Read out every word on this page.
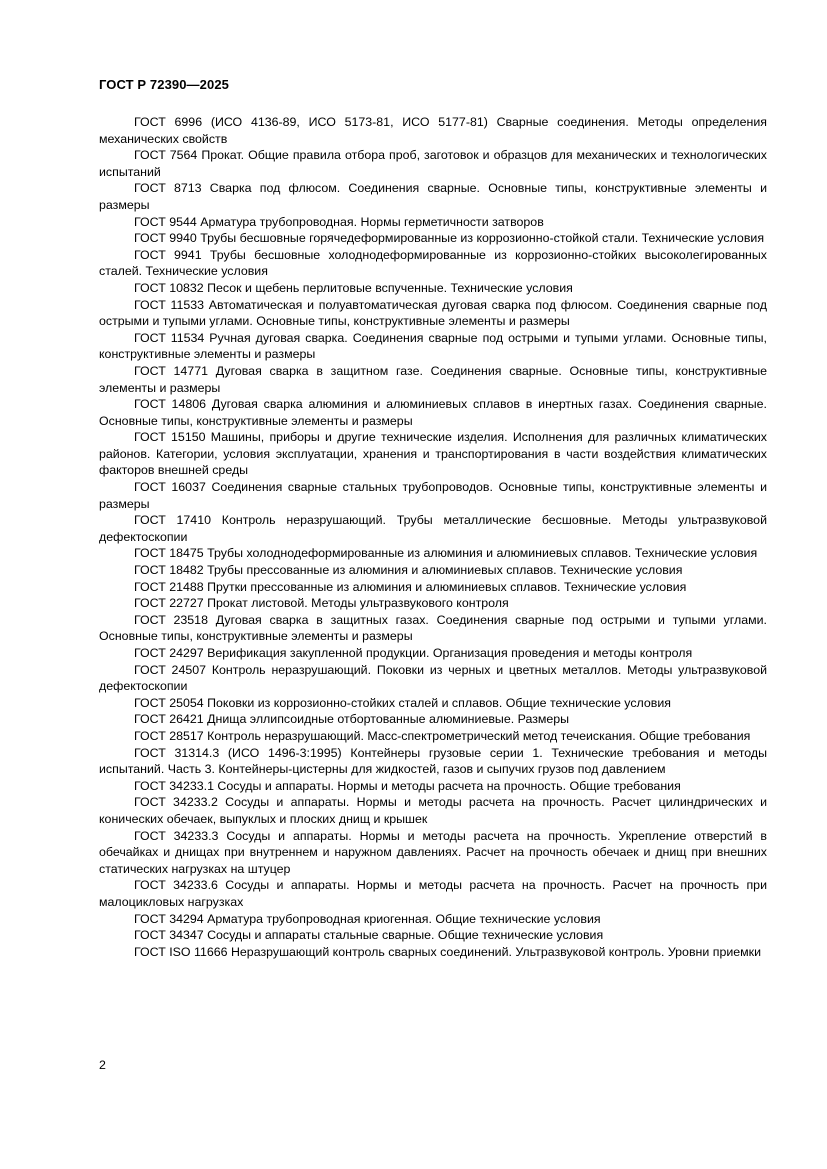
ГОСТ Р 72390—2025

ГОСТ 6996 (ИСО 4136-89, ИСО 5173-81, ИСО 5177-81) Сварные соединения. Методы определения механических свойств

ГОСТ 7564 Прокат. Общие правила отбора проб, заготовок и образцов для механических и технологических испытаний

ГОСТ 8713 Сварка под флюсом. Соединения сварные. Основные типы, конструктивные элементы и размеры

ГОСТ 9544 Арматура трубопроводная. Нормы герметичности затворов

ГОСТ 9940 Трубы бесшовные горячедеформированные из коррозионно-стойкой стали. Технические условия

ГОСТ 9941 Трубы бесшовные холоднодеформированные из коррозионно-стойких высоколегированных сталей. Технические условия

ГОСТ 10832 Песок и щебень перлитовые вспученные. Технические условия

ГОСТ 11533 Автоматическая и полуавтоматическая дуговая сварка под флюсом. Соединения сварные под острыми и тупыми углами. Основные типы, конструктивные элементы и размеры

ГОСТ 11534 Ручная дуговая сварка. Соединения сварные под острыми и тупыми углами. Основные типы, конструктивные элементы и размеры

ГОСТ 14771 Дуговая сварка в защитном газе. Соединения сварные. Основные типы, конструктивные элементы и размеры

ГОСТ 14806 Дуговая сварка алюминия и алюминиевых сплавов в инертных газах. Соединения сварные. Основные типы, конструктивные элементы и размеры

ГОСТ 15150 Машины, приборы и другие технические изделия. Исполнения для различных климатических районов. Категории, условия эксплуатации, хранения и транспортирования в части воздействия климатических факторов внешней среды

ГОСТ 16037 Соединения сварные стальных трубопроводов. Основные типы, конструктивные элементы и размеры

ГОСТ 17410 Контроль неразрушающий. Трубы металлические бесшовные. Методы ультразвуковой дефектоскопии

ГОСТ 18475 Трубы холоднодеформированные из алюминия и алюминиевых сплавов. Технические условия

ГОСТ 18482 Трубы прессованные из алюминия и алюминиевых сплавов. Технические условия

ГОСТ 21488 Прутки прессованные из алюминия и алюминиевых сплавов. Технические условия

ГОСТ 22727 Прокат листовой. Методы ультразвукового контроля

ГОСТ 23518 Дуговая сварка в защитных газах. Соединения сварные под острыми и тупыми углами. Основные типы, конструктивные элементы и размеры

ГОСТ 24297 Верификация закупленной продукции. Организация проведения и методы контроля

ГОСТ 24507 Контроль неразрушающий. Поковки из черных и цветных металлов. Методы ультразвуковой дефектоскопии

ГОСТ 25054 Поковки из коррозионно-стойких сталей и сплавов. Общие технические условия

ГОСТ 26421 Днища эллипсоидные отбортованные алюминиевые. Размеры

ГОСТ 28517 Контроль неразрушающий. Масс-спектрометрический метод течеискания. Общие требования

ГОСТ 31314.3 (ИСО 1496-3:1995) Контейнеры грузовые серии 1. Технические требования и методы испытаний. Часть 3. Контейнеры-цистерны для жидкостей, газов и сыпучих грузов под давлением

ГОСТ 34233.1 Сосуды и аппараты. Нормы и методы расчета на прочность. Общие требования

ГОСТ 34233.2 Сосуды и аппараты. Нормы и методы расчета на прочность. Расчет цилиндрических и конических обечаек, выпуклых и плоских днищ и крышек

ГОСТ 34233.3 Сосуды и аппараты. Нормы и методы расчета на прочность. Укрепление отверстий в обечайках и днищах при внутреннем и наружном давлениях. Расчет на прочность обечаек и днищ при внешних статических нагрузках на штуцер

ГОСТ 34233.6 Сосуды и аппараты. Нормы и методы расчета на прочность. Расчет на прочность при малоцикловых нагрузках

ГОСТ 34294 Арматура трубопроводная криогенная. Общие технические условия

ГОСТ 34347 Сосуды и аппараты стальные сварные. Общие технические условия

ГОСТ ISO 11666 Неразрушающий контроль сварных соединений. Ультразвуковой контроль. Уровни приемки

2
